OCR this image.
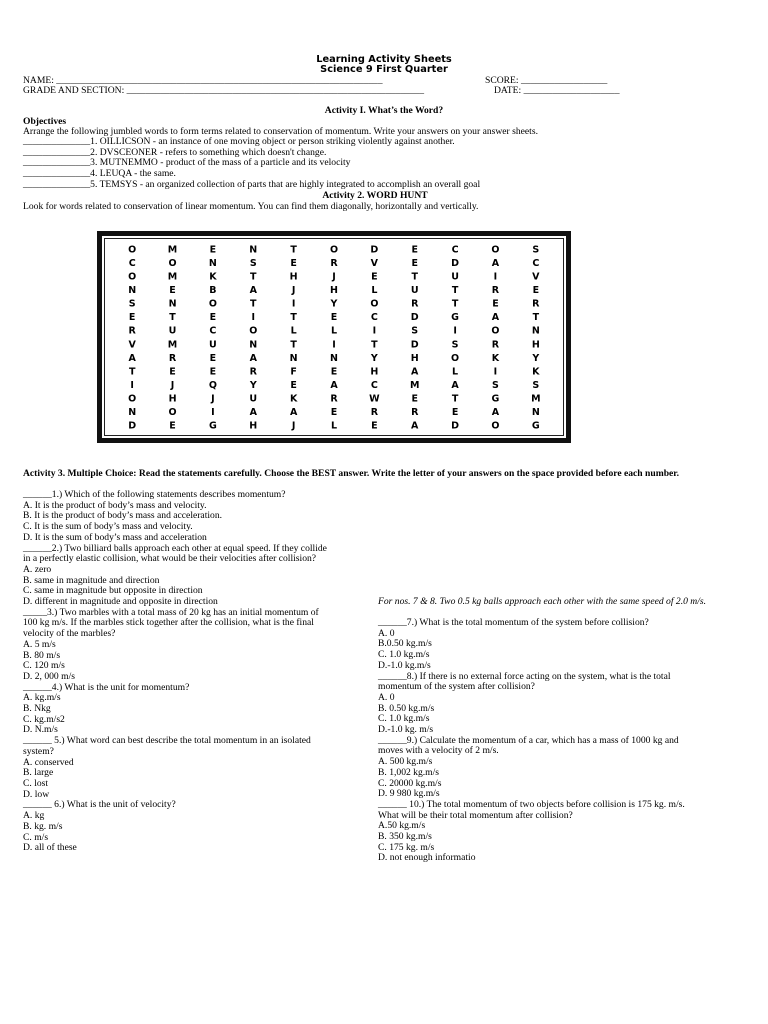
Learning Activity Sheets
Science 9 First Quarter
NAME: ____________________________________________________________________	SCORE: __________________
GRADE AND SECTION: ______________________________________________________________	DATE: ____________________
Activity I. What’s the Word?
Objectives
Arrange the following jumbled words to form terms related to conservation of momentum. Write your answers on your answer sheets.
______________1. OILLICSON - an instance of one moving object or person striking violently against another.
______________2. DVSCEONER - refers to something which doesn't change.
______________3. MUTNEMMO - product of the mass of a particle and its velocity
______________4. LEUQA - the same.
______________5. TEMSYS - an organized collection of parts that are highly integrated to accomplish an overall goal
Activity 2. WORD HUNT
Look for words related to conservation of linear momentum. You can find them diagonally, horizontally and vertically.
O	M	E	N	T	O	D	E	C	O	S
C	O	N	S	E	R	V	E	D	A	C
O	M	K	T	H	J	E	T	U	I	V
N	E	B	A	J	H	L	U	T	R	E
S	N	O	T	I	Y	O	R	T	E	R
E	T	E	I	T	E	C	D	G	A	T
R	U	C	O	L	L	I	S	I	O	N
V	M	U	N	T	I	T	D	S	R	H
A	R	E	A	N	N	Y	H	O	K	Y
T	E	E	R	F	E	H	A	L	I	K
I	J	Q	Y	E	A	C	M	A	S	S
O	H	J	U	K	R	W	E	T	G	M
N	O	I	A	A	E	R	R	E	A	N
D	E	G	H	J	L	E	A	D	O	G
Activity 3. Multiple Choice: Read the statements carefully. Choose the BEST answer. Write the letter of your answers on the space provided before each number.
______1.) Which of the following statements describes momentum?
A. It is the product of body’s mass and velocity.
B. It is the product of body’s mass and acceleration.
C. It is the sum of body’s mass and velocity.
D. It is the sum of body’s mass and acceleration
______2.) Two billiard balls approach each other at equal speed. If they collide
in a perfectly elastic collision, what would be their velocities after collision?
A. zero
B. same in magnitude and direction
C. same in magnitude but opposite in direction
D. different in magnitude and opposite in direction
_____3.) Two marbles with a total mass of 20 kg has an initial momentum of
100 kg m/s. If the marbles stick together after the collision, what is the final
velocity of the marbles?
A. 5 m/s
B. 80 m/s
C. 120 m/s
D. 2, 000 m/s
______4.) What is the unit for momentum?
A. kg.m/s
B. Nkg
C. kg.m/s2
D. N.m/s
______ 5.) What word can best describe the total momentum in an isolated
system?
A. conserved
B. large
C. lost
D. low
______ 6.) What is the unit of velocity?
A. kg
B. kg. m/s
C. m/s
D. all of these
For nos. 7 & 8. Two 0.5 kg balls approach each other with the same speed of 2.0 m/s.
______7.) What is the total momentum of the system before collision?
A. 0
B.0.50 kg.m/s
C. 1.0 kg.m/s
D.-1.0 kg.m/s
______8.) If there is no external force acting on the system, what is the total
momentum of the system after collision?
A. 0
B. 0.50 kg.m/s
C. 1.0 kg.m/s
D.-1.0 kg. m/s
______9.) Calculate the momentum of a car, which has a mass of 1000 kg and
moves with a velocity of 2 m/s.
A. 500 kg.m/s
B. 1,002 kg.m/s
C. 20000 kg.m/s
D. 9 980 kg.m/s
______ 10.) The total momentum of two objects before collision is 175 kg. m/s.
What will be their total momentum after collision?
A.50 kg.m/s
B. 350 kg.m/s
C. 175 kg. m/s
D. not enough informatio
